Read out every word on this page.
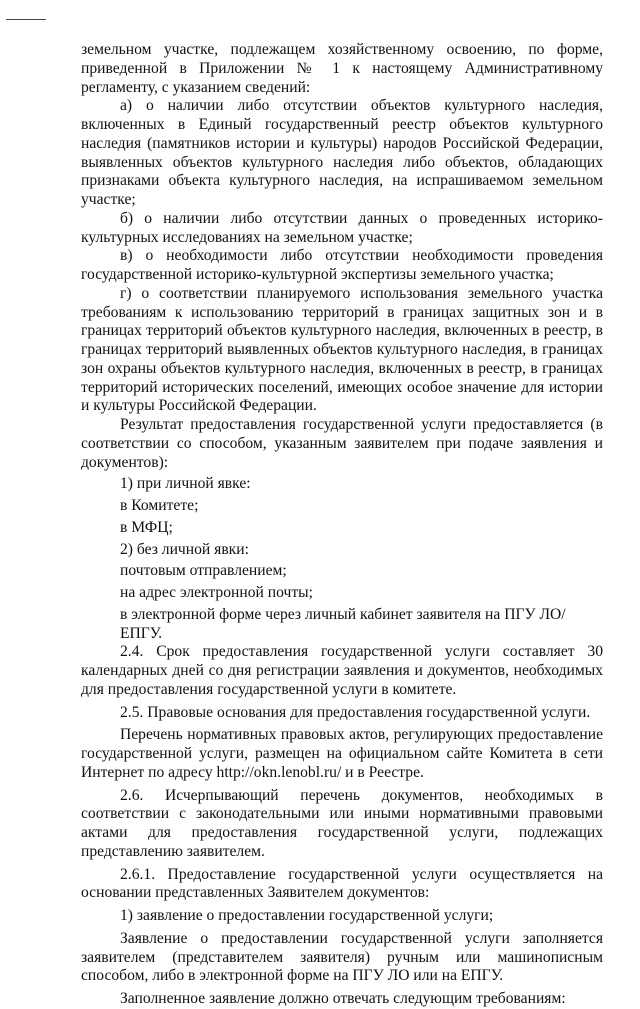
земельном участке, подлежащем хозяйственному освоению, по форме, приведенной в Приложении № 1 к настоящему Административному регламенту, с указанием сведений:

а) о наличии либо отсутствии объектов культурного наследия, включенных в Единый государственный реестр объектов культурного наследия (памятников истории и культуры) народов Российской Федерации, выявленных объектов культурного наследия либо объектов, обладающих признаками объекта культурного наследия, на испрашиваемом земельном участке;

б) о наличии либо отсутствии данных о проведенных историко-культурных исследованиях на земельном участке;

в) о необходимости либо отсутствии необходимости проведения государственной историко-культурной экспертизы земельного участка;

г) о соответствии планируемого использования земельного участка требованиям к использованию территорий в границах защитных зон и в границах территорий объектов культурного наследия, включенных в реестр, в границах территорий выявленных объектов культурного наследия, в границах зон охраны объектов культурного наследия, включенных в реестр, в границах территорий исторических поселений, имеющих особое значение для истории и культуры Российской Федерации.

Результат предоставления государственной услуги предоставляется (в соответствии со способом, указанным заявителем при подаче заявления и документов):

1) при личной явке:

в Комитете;

в МФЦ;

2) без личной явки:

почтовым отправлением;

на адрес электронной почты;

в электронной форме через личный кабинет заявителя на ПГУ ЛО/ ЕПГУ.

2.4. Срок предоставления государственной услуги составляет 30 календарных дней со дня регистрации заявления и документов, необходимых для предоставления государственной услуги в комитете.

2.5. Правовые основания для предоставления государственной услуги.

Перечень нормативных правовых актов, регулирующих предоставление государственной услуги, размещен на официальном сайте Комитета в сети Интернет по адресу http://okn.lenobl.ru/ и в Реестре.

2.6. Исчерпывающий перечень документов, необходимых в соответствии с законодательными или иными нормативными правовыми актами для предоставления государственной услуги, подлежащих представлению заявителем.

2.6.1. Предоставление государственной услуги осуществляется на основании представленных Заявителем документов:

1) заявление о предоставлении государственной услуги;

Заявление о предоставлении государственной услуги заполняется заявителем (представителем заявителя) ручным или машинописным способом, либо в электронной форме на ПГУ ЛО или на ЕПГУ.

Заполненное заявление должно отвечать следующим требованиям:
